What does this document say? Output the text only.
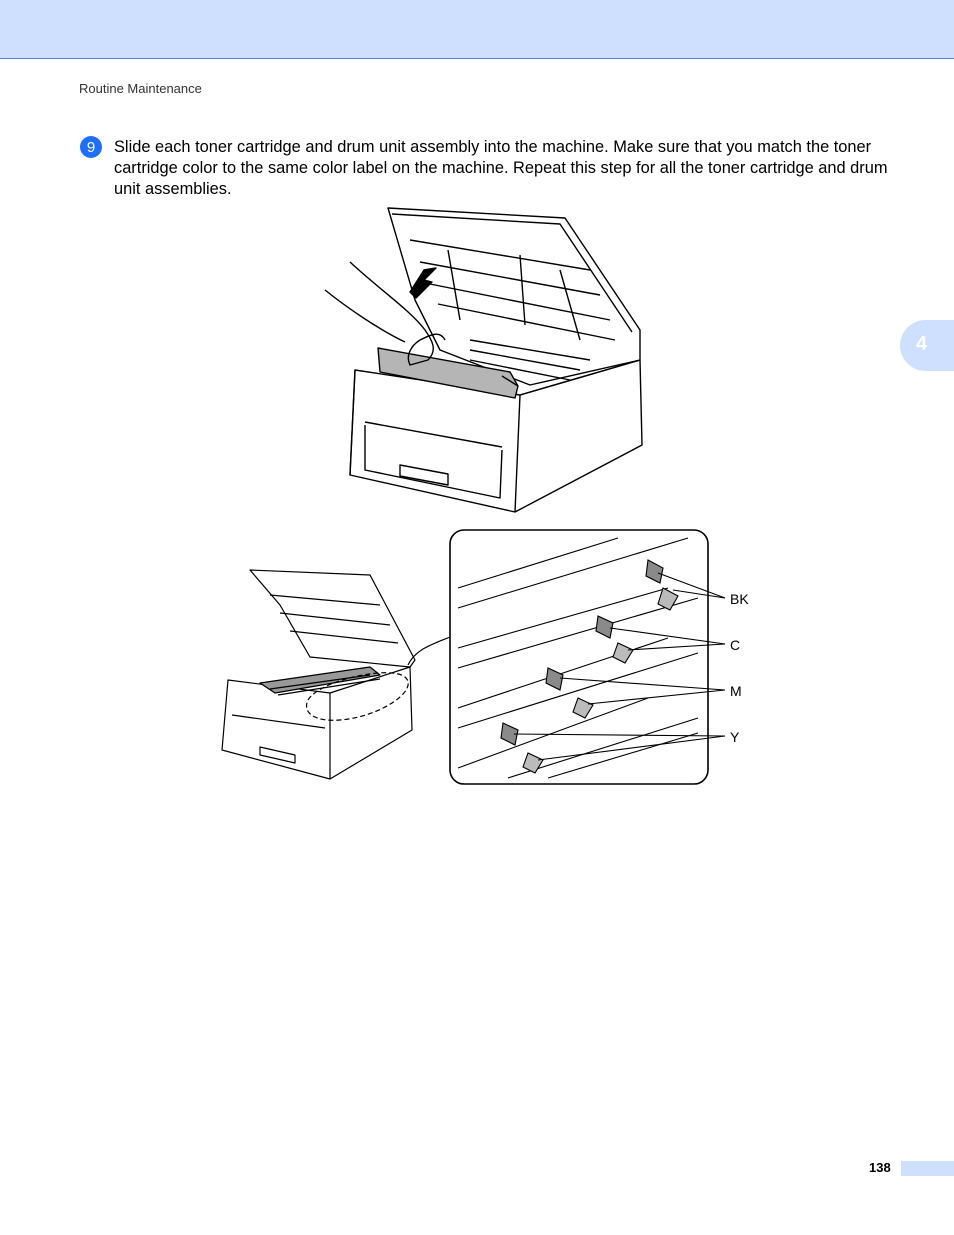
Routine Maintenance
9	Slide each toner cartridge and drum unit assembly into the machine. Make sure that you match the toner cartridge color to the same color label on the machine. Repeat this step for all the toner cartridge and drum unit assemblies.
4
BK
C
M
Y
138
